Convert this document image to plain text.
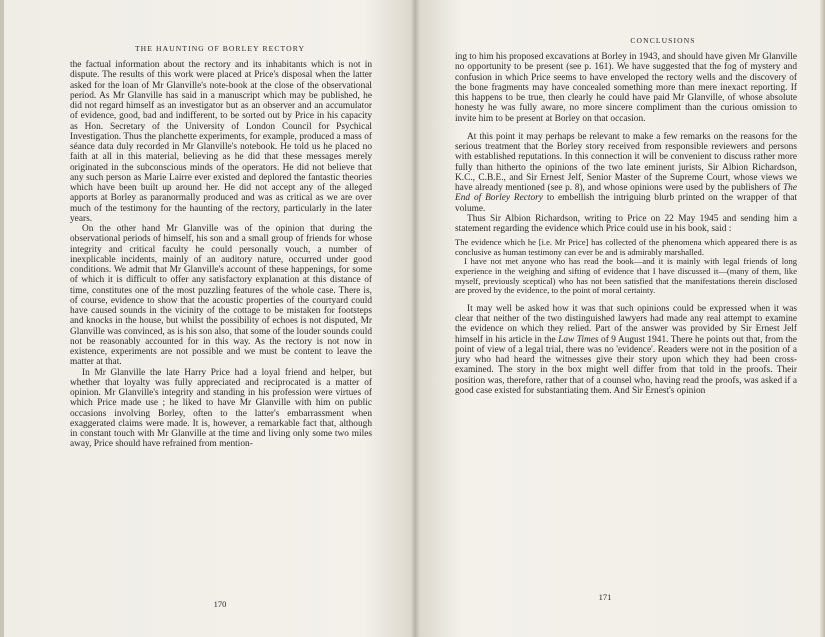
THE HAUNTING OF BORLEY RECTORY

the factual information about the rectory and its inhabitants which is not in dispute. The results of this work were placed at Price's disposal when the latter asked for the loan of Mr Glanville's note-book at the close of the observational period. As Mr Glanville has said in a manuscript which may be published, he did not regard himself as an investigator but as an observer and an accumulator of evidence, good, bad and indifferent, to be sorted out by Price in his capacity as Hon. Secretary of the University of London Council for Psychical Investigation. Thus the planchette experiments, for example, produced a mass of séance data duly recorded in Mr Glanville's notebook. He told us he placed no faith at all in this material, believing as he did that these messages merely originated in the subconscious minds of the operators. He did not believe that any such person as Marie Lairre ever existed and deplored the fantastic theories which have been built up around her. He did not accept any of the alleged apports at Borley as paranormally produced and was as critical as we are over much of the testimony for the haunting of the rectory, particularly in the later years.

On the other hand Mr Glanville was of the opinion that during the observational periods of himself, his son and a small group of friends for whose integrity and critical faculty he could personally vouch, a number of inexplicable incidents, mainly of an auditory nature, occurred under good conditions. We admit that Mr Glanville's account of these happenings, for some of which it is difficult to offer any satisfactory explanation at this distance of time, constitutes one of the most puzzling features of the whole case. There is, of course, evidence to show that the acoustic properties of the courtyard could have caused sounds in the vicinity of the cottage to be mistaken for footsteps and knocks in the house, but whilst the possibility of echoes is not disputed, Mr Glanville was convinced, as is his son also, that some of the louder sounds could not be reasonably accounted for in this way. As the rectory is not now in existence, experiments are not possible and we must be content to leave the matter at that.

In Mr Glanville the late Harry Price had a loyal friend and helper, but whether that loyalty was fully appreciated and reciprocated is a matter of opinion. Mr Glanville's integrity and standing in his profession were virtues of which Price made use ; he liked to have Mr Glanville with him on public occasions involving Borley, often to the latter's embarrassment when exaggerated claims were made. It is, however, a remarkable fact that, although in constant touch with Mr Glanville at the time and living only some two miles away, Price should have refrained from mention-

170
CONCLUSIONS

ing to him his proposed excavations at Borley in 1943, and should have given Mr Glanville no opportunity to be present (see p. 161). We have suggested that the fog of mystery and confusion in which Price seems to have enveloped the rectory wells and the discovery of the bone fragments may have concealed something more than mere inexact reporting. If this happens to be true, then clearly he could have paid Mr Glanville, of whose absolute honesty he was fully aware, no more sincere compliment than the curious omission to invite him to be present at Borley on that occasion.

At this point it may perhaps be relevant to make a few remarks on the reasons for the serious treatment that the Borley story received from responsible reviewers and persons with established reputations. In this connection it will be convenient to discuss rather more fully than hitherto the opinions of the two late eminent jurists, Sir Albion Richardson, K.C., C.B.E., and Sir Ernest Jelf, Senior Master of the Supreme Court, whose views we have already mentioned (see p. 8), and whose opinions were used by the publishers of The End of Borley Rectory to embellish the intriguing blurb printed on the wrapper of that volume.

Thus Sir Albion Richardson, writing to Price on 22 May 1945 and sending him a statement regarding the evidence which Price could use in his book, said :

The evidence which he [i.e. Mr Price] has collected of the phenomena which appeared there is as conclusive as human testimony can ever be and is admirably marshalled.

I have not met anyone who has read the book—and it is mainly with legal friends of long experience in the weighing and sifting of evidence that I have discussed it—(many of them, like myself, previously sceptical) who has not been satisfied that the manifestations therein disclosed are proved by the evidence, to the point of moral certainty.

It may well be asked how it was that such opinions could be expressed when it was clear that neither of the two distinguished lawyers had made any real attempt to examine the evidence on which they relied. Part of the answer was provided by Sir Ernest Jelf himself in his article in the Law Times of 9 August 1941. There he points out that, from the point of view of a legal trial, there was no 'evidence'. Readers were not in the position of a jury who had heard the witnesses give their story upon which they had been cross-examined. The story in the box might well differ from that told in the proofs. Their position was, therefore, rather that of a counsel who, having read the proofs, was asked if a good case existed for substantiating them. And Sir Ernest's opinion

171
